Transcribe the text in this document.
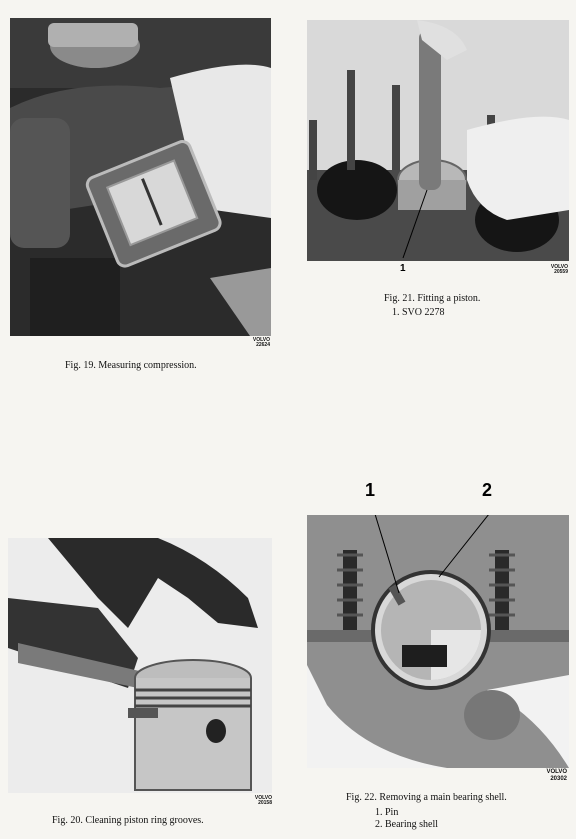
VOLVO
22624
Fig. 19. Measuring compression.
1	VOLVO
20559
Fig. 21. Fitting a piston.
1. SVO 2278
VOLVO
20158
Fig. 20. Cleaning piston ring grooves.
1	2
VOLVO
20302
Fig. 22. Removing a main bearing shell.
1. Pin
2. Bearing shell
